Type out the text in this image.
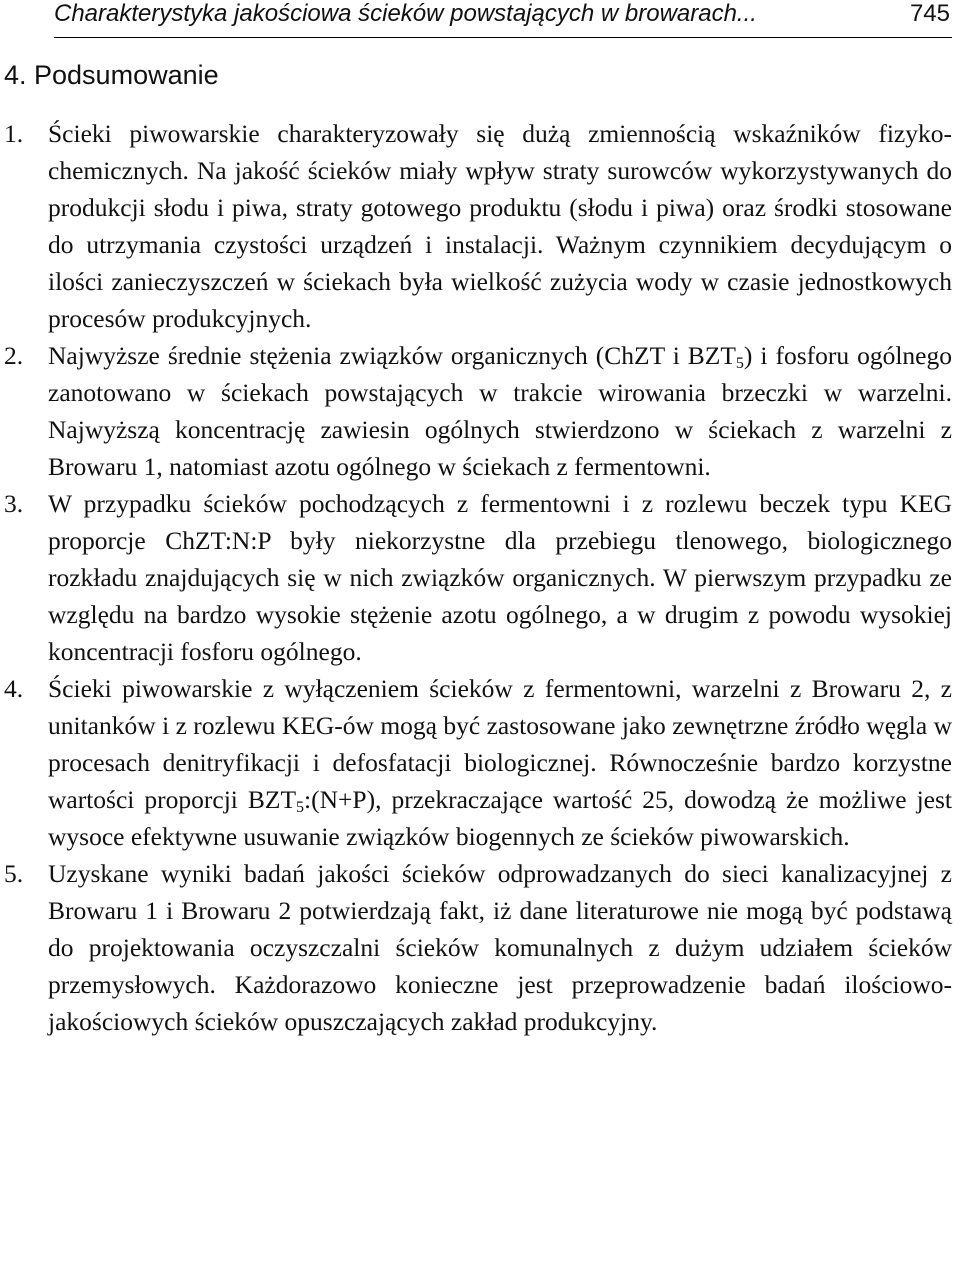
Charakterystyka jakościowa ścieków powstających w browarach...	745
4. Podsumowanie
1. Ścieki piwowarskie charakteryzowały się dużą zmiennością wskaźników fizyko-chemicznych. Na jakość ścieków miały wpływ straty surowców wykorzystywanych do produkcji słodu i piwa, straty gotowego produktu (słodu i piwa) oraz środki stosowane do utrzymania czystości urządzeń i instalacji. Ważnym czynnikiem decydującym o ilości zanieczyszczeń w ściekach była wielkość zużycia wody w czasie jednostkowych procesów produkcyjnych.

2. Najwyższe średnie stężenia związków organicznych (ChZT i $BZT_5$) i fosforu ogólnego zanotowano w ściekach powstających w trakcie wirowania brzeczki w warzelni. Najwyższą koncentrację zawiesin ogólnych stwierdzono w ściekach z warzelni z Browaru 1, natomiast azotu ogólnego w ściekach z fermentowni.

3. W przypadku ścieków pochodzących z fermentowni i z rozlewu beczek typu KEG proporcje ChZT:N:P były niekorzystne dla przebiegu tlenowego, biologicznego rozkładu znajdujących się w nich związków organicznych. W pierwszym przypadku ze względu na bardzo wysokie stężenie azotu ogólnego, a w drugim z powodu wysokiej koncentracji fosforu ogólnego.

4. Ścieki piwowarskie z wyłączeniem ścieków z fermentowni, warzelni z Browaru 2, z unitanków i z rozlewu KEG-ów mogą być zastosowane jako zewnętrzne źródło węgla w procesach denitryfikacji i defosfatacji biologicznej. Równocześnie bardzo korzystne wartości proporcji $BZT_5:(N+P)$, przekraczające wartość 25, dowodzą że możliwe jest wysoce efektywne usuwanie związków biogennych ze ścieków piwowarskich.

5. Uzyskane wyniki badań jakości ścieków odprowadzanych do sieci kanalizacyjnej z Browaru 1 i Browaru 2 potwierdzają fakt, iż dane literaturowe nie mogą być podstawą do projektowania oczyszczalni ścieków komunalnych z dużym udziałem ścieków przemysłowych. Każdorazowo konieczne jest przeprowadzenie badań ilościowo-jakościowych ścieków opuszczających zakład produkcyjny.
